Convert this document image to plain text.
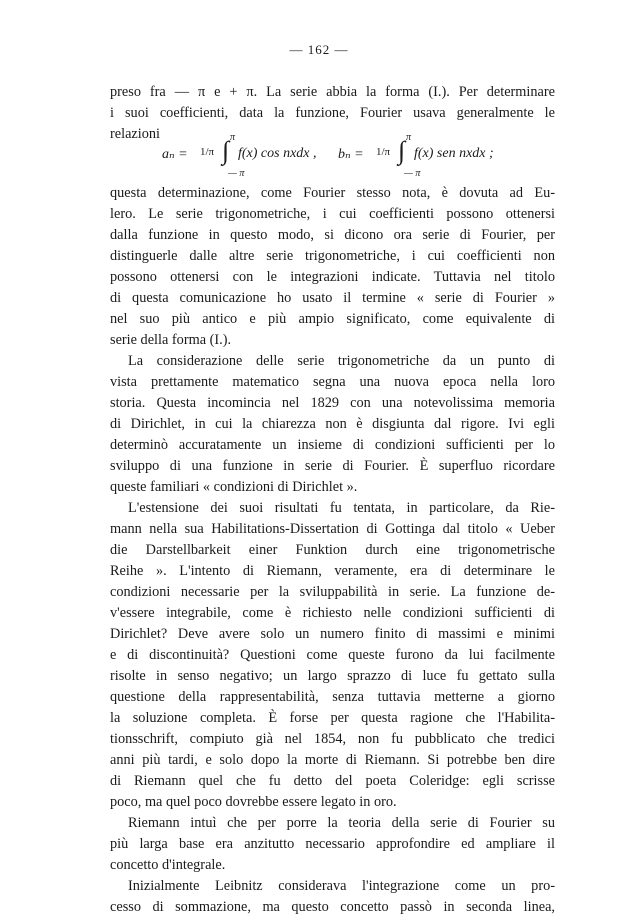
— 162 —
preso fra — π e + π. La serie abbia la forma (I.). Per determinare
i suoi coefficienti, data la funzione, Fourier usava generalmente le
relazioni
aₙ = 1/π ∫ π
— π
f(x) cos nxdx , bₙ = 1/π ∫ π
— π
f(x) sen nxdx ;
questa determinazione, come Fourier stesso nota, è dovuta ad Eu-
lero. Le serie trigonometriche, i cui coefficienti possono ottenersi
dalla funzione in questo modo, si dicono ora serie di Fourier, per
distinguerle dalle altre serie trigonometriche, i cui coefficienti non
possono ottenersi con le integrazioni indicate. Tuttavia nel titolo
di questa comunicazione ho usato il termine « serie di Fourier »
nel suo più antico e più ampio significato, come equivalente di
serie della forma (I.).
La considerazione delle serie trigonometriche da un punto di
vista prettamente matematico segna una nuova epoca nella loro
storia. Questa incomincia nel 1829 con una notevolissima memoria
di Dirichlet, in cui la chiarezza non è disgiunta dal rigore. Ivi egli
determinò accuratamente un insieme di condizioni sufficienti per lo
sviluppo di una funzione in serie di Fourier. È superfluo ricordare
queste familiari « condizioni di Dirichlet ».
L'estensione dei suoi risultati fu tentata, in particolare, da Rie-
mann nella sua Habilitations-Dissertation di Gottinga dal titolo « Ueber
die Darstellbarkeit einer Funktion durch eine trigonometrische
Reihe ». L'intento di Riemann, veramente, era di determinare le
condizioni necessarie per la sviluppabilità in serie. La funzione de-
v'essere integrabile, come è richiesto nelle condizioni sufficienti di
Dirichlet? Deve avere solo un numero finito di massimi e minimi
e di discontinuità? Questioni come queste furono da lui facilmente
risolte in senso negativo; un largo sprazzo di luce fu gettato sulla
questione della rappresentabilità, senza tuttavia metterne a giorno
la soluzione completa. È forse per questa ragione che l'Habilita-
tionsschrift, compiuto già nel 1854, non fu pubblicato che tredici
anni più tardi, e solo dopo la morte di Riemann. Si potrebbe ben dire
di Riemann quel che fu detto del poeta Coleridge: egli scrisse
poco, ma quel poco dovrebbe essere legato in oro.
Riemann intuì che per porre la teoria della serie di Fourier su
più larga base era anzitutto necessario approfondire ed ampliare il
concetto d'integrale.
Inizialmente Leibnitz considerava l'integrazione come un pro-
cesso di sommazione, ma questo concetto passò in seconda linea,
